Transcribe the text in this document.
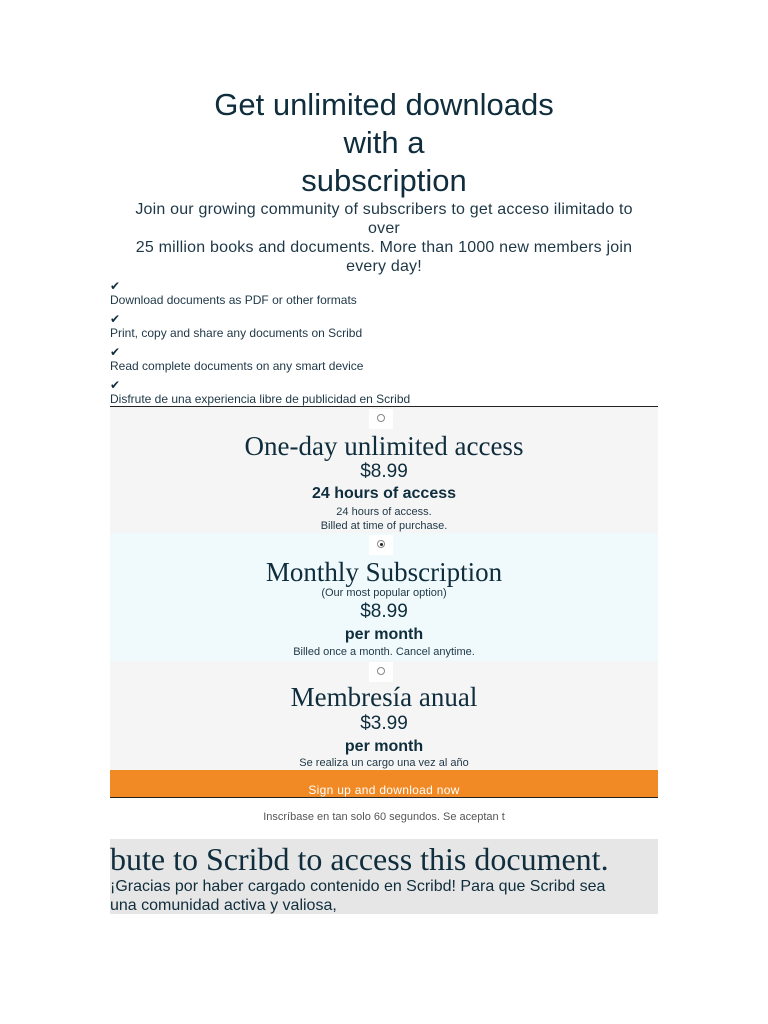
Get unlimited downloads
with a
subscription
Join our growing community of subscribers to get acceso ilimitado to
over
25 million books and documents. More than 1000 new members join
every day!
✔
Download documents as PDF or other formats
✔
Print, copy and share any documents on Scribd
✔
Read complete documents on any smart device
✔
Disfrute de una experiencia libre de publicidad en Scribd
One-day unlimited access
$8.99
24 hours of access
24 hours of access.
Billed at time of purchase.
Monthly Subscription
(Our most popular option)
$8.99
per month
Billed once a month. Cancel anytime.
Membresía anual
$3.99
per month
Se realiza un cargo una vez al año
Sign up and download now
Inscríbase en tan solo 60 segundos. Se aceptan t
bute to Scribd to access this document.
¡Gracias por haber cargado contenido en Scribd! Para que Scribd sea
una comunidad activa y valiosa,
